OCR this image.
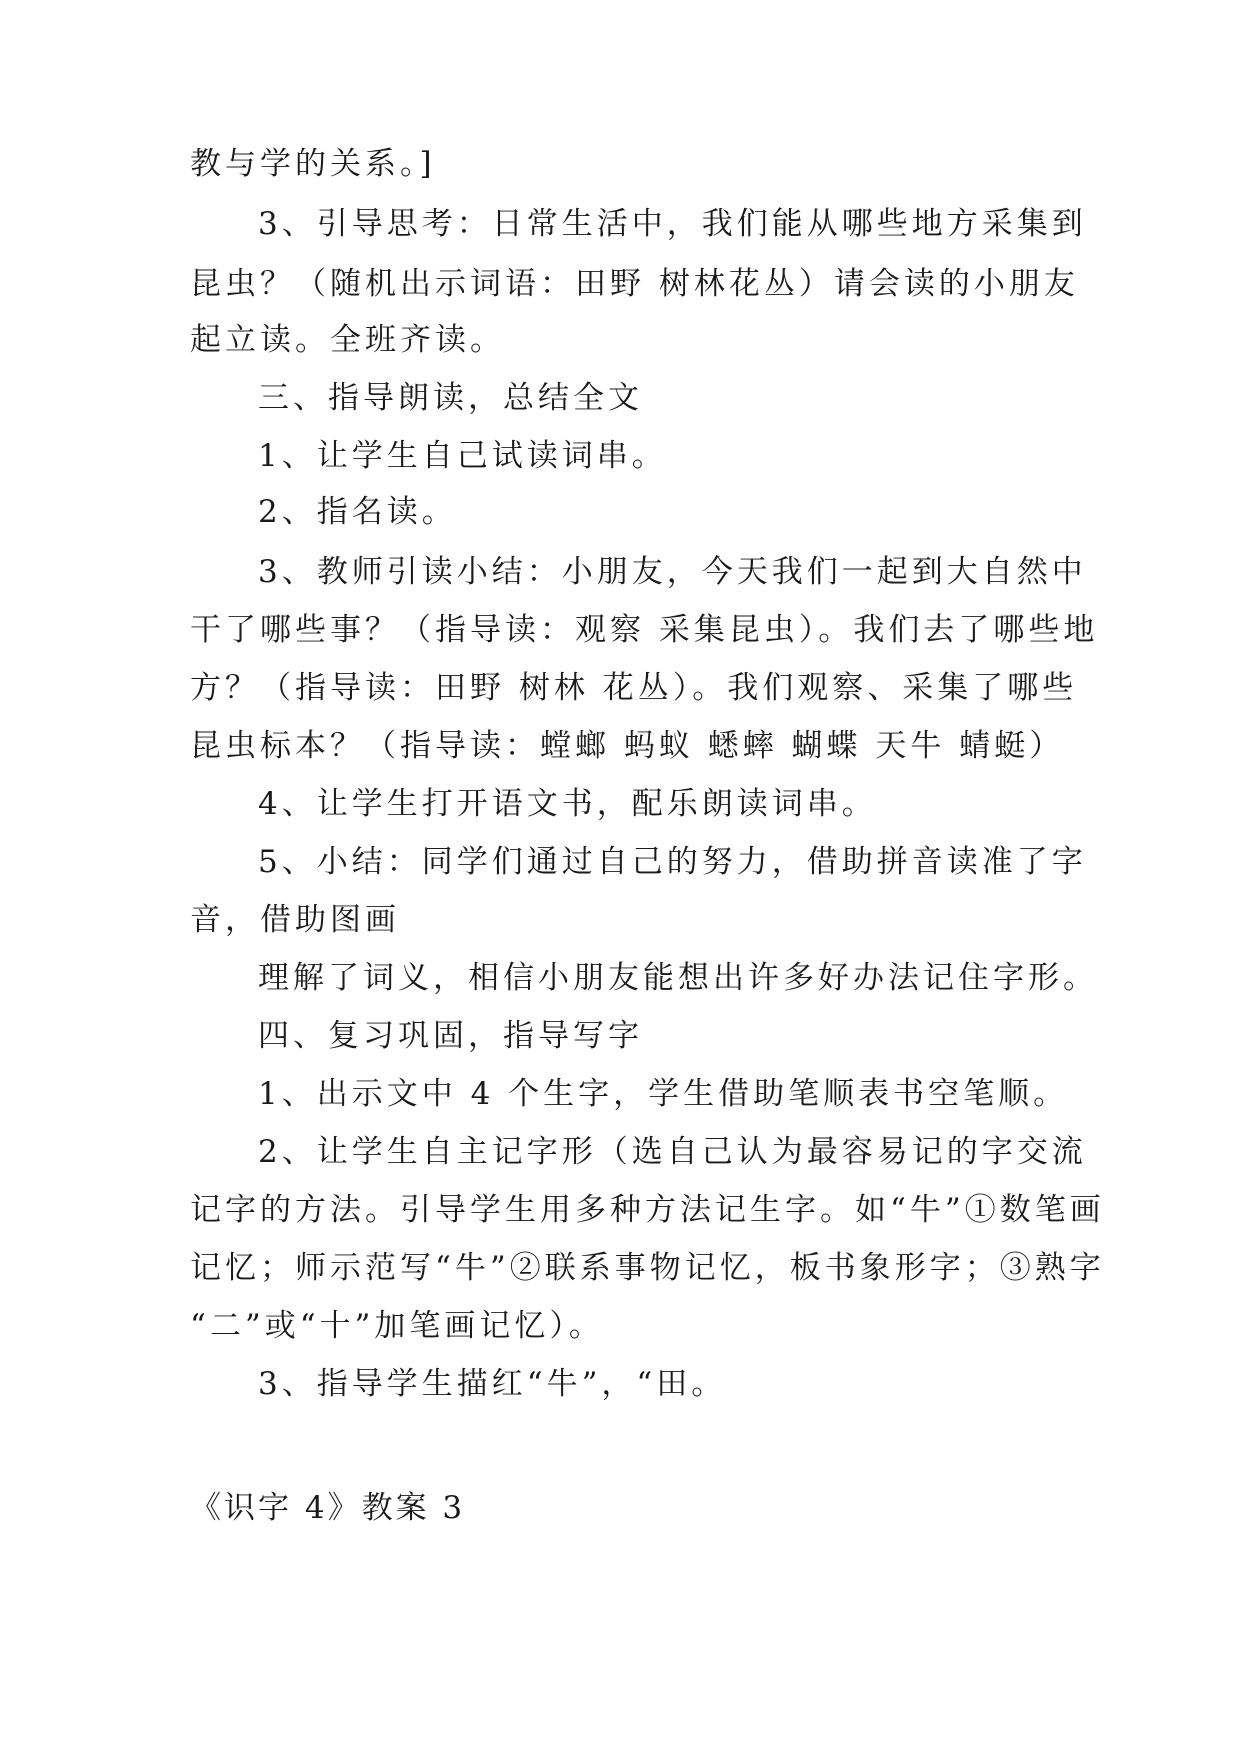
教与学的关系。]
3、引导思考：日常生活中，我们能从哪些地方采集到
昆虫？（随机出示词语：田野 树林花丛）请会读的小朋友
起立读。全班齐读。
三、指导朗读，总结全文
1、让学生自己试读词串。
2、指名读。
3、教师引读小结：小朋友，今天我们一起到大自然中
干了哪些事？（指导读：观察 采集昆虫）。我们去了哪些地
方？（指导读：田野 树林 花丛）。我们观察、采集了哪些
昆虫标本？（指导读：螳螂 蚂蚁 蟋蟀 蝴蝶 天牛 蜻蜓）
4、让学生打开语文书，配乐朗读词串。
5、小结：同学们通过自己的努力，借助拼音读准了字
音，借助图画
理解了词义，相信小朋友能想出许多好办法记住字形。
四、复习巩固，指导写字
1、出示文中 4 个生字，学生借助笔顺表书空笔顺。
2、让学生自主记字形（选自己认为最容易记的字交流
记字的方法。引导学生用多种方法记生字。如“牛”①数笔画
记忆；师示范写“牛”②联系事物记忆，板书象形字；③熟字
“二”或“十”加笔画记忆）。
3、指导学生描红“牛”，“田。
《识字 4》教案 3
